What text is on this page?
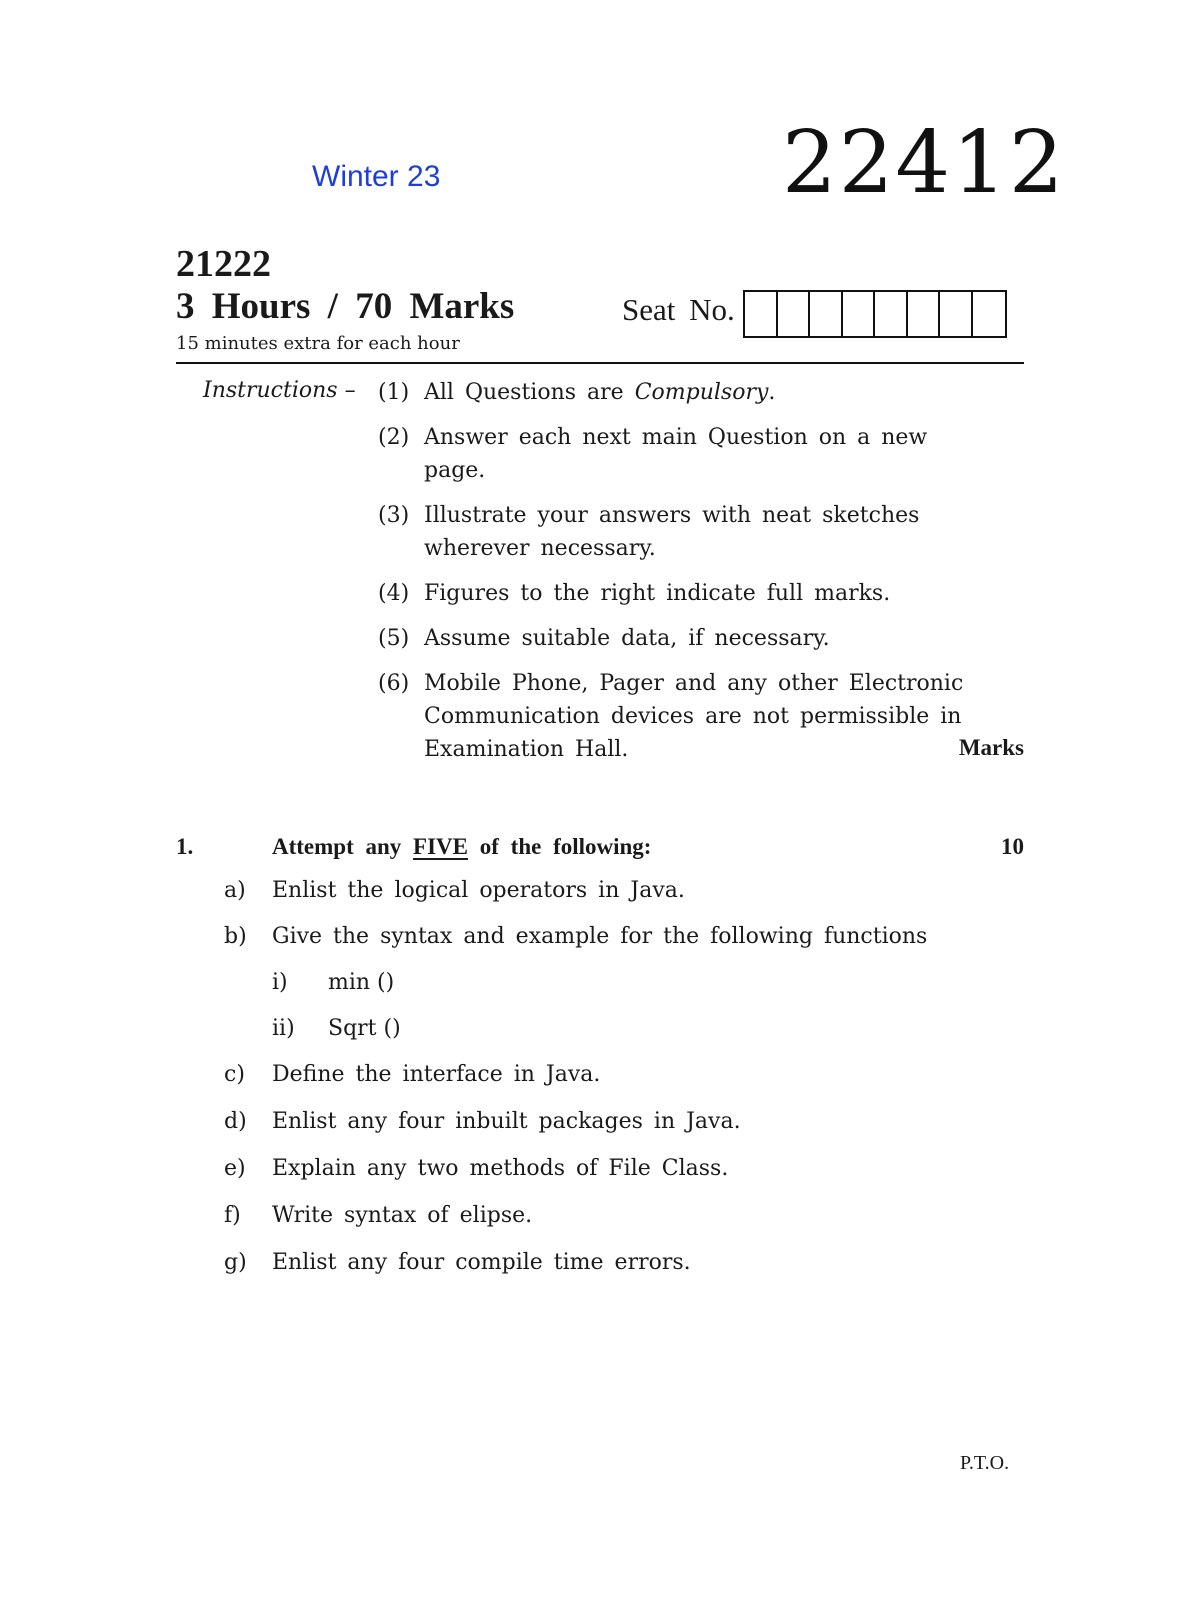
Winter 23	22412
21222
3 Hours / 70 Marks
15 minutes extra for each hour
Seat No.
Instructions – (1) All Questions are Compulsory.
(2) Answer each next main Question on a new page.
(3) Illustrate your answers with neat sketches wherever necessary.
(4) Figures to the right indicate full marks.
(5) Assume suitable data, if necessary.
(6) Mobile Phone, Pager and any other Electronic Communication devices are not permissible in Examination Hall.	Marks
1.	Attempt any FIVE of the following:	10
a)	Enlist the logical operators in Java.
b)	Give the syntax and example for the following functions
i)	min ()
ii)	Sqrt ()
c)	Define the interface in Java.
d)	Enlist any four inbuilt packages in Java.
e)	Explain any two methods of File Class.
f)	Write syntax of elipse.
g)	Enlist any four compile time errors.
P.T.O.
